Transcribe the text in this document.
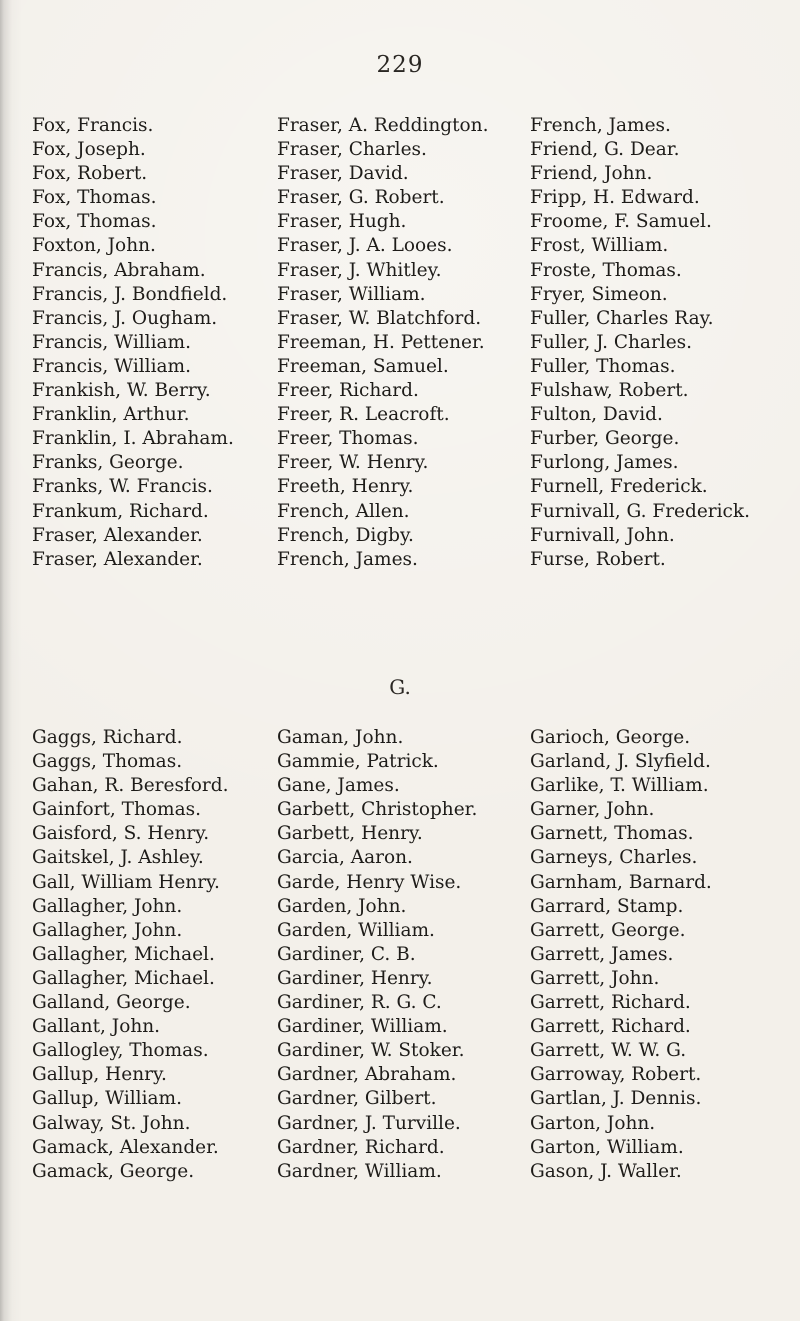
229
Fox, Francis.
Fox, Joseph.
Fox, Robert.
Fox, Thomas.
Fox, Thomas.
Foxton, John.
Francis, Abraham.
Francis, J. Bondfield.
Francis, J. Ougham.
Francis, William.
Francis, William.
Frankish, W. Berry.
Franklin, Arthur.
Franklin, I. Abraham.
Franks, George.
Franks, W. Francis.
Frankum, Richard.
Fraser, Alexander.
Fraser, Alexander.
Fraser, A. Reddington.
Fraser, Charles.
Fraser, David.
Fraser, G. Robert.
Fraser, Hugh.
Fraser, J. A. Looes.
Fraser, J. Whitley.
Fraser, William.
Fraser, W. Blatchford.
Freeman, H. Pettener.
Freeman, Samuel.
Freer, Richard.
Freer, R. Leacroft.
Freer, Thomas.
Freer, W. Henry.
Freeth, Henry.
French, Allen.
French, Digby.
French, James.
French, James.
Friend, G. Dear.
Friend, John.
Fripp, H. Edward.
Froome, F. Samuel.
Frost, William.
Froste, Thomas.
Fryer, Simeon.
Fuller, Charles Ray.
Fuller, J. Charles.
Fuller, Thomas.
Fulshaw, Robert.
Fulton, David.
Furber, George.
Furlong, James.
Furnell, Frederick.
Furnivall, G. Frederick.
Furnivall, John.
Furse, Robert.
G.
Gaggs, Richard.
Gaggs, Thomas.
Gahan, R. Beresford.
Gainfort, Thomas.
Gaisford, S. Henry.
Gaitskel, J. Ashley.
Gall, William Henry.
Gallagher, John.
Gallagher, John.
Gallagher, Michael.
Gallagher, Michael.
Galland, George.
Gallant, John.
Gallogley, Thomas.
Gallup, Henry.
Gallup, William.
Galway, St. John.
Gamack, Alexander.
Gamack, George.
Gaman, John.
Gammie, Patrick.
Gane, James.
Garbett, Christopher.
Garbett, Henry.
Garcia, Aaron.
Garde, Henry Wise.
Garden, John.
Garden, William.
Gardiner, C. B.
Gardiner, Henry.
Gardiner, R. G. C.
Gardiner, William.
Gardiner, W. Stoker.
Gardner, Abraham.
Gardner, Gilbert.
Gardner, J. Turville.
Gardner, Richard.
Gardner, William.
Garioch, George.
Garland, J. Slyfield.
Garlike, T. William.
Garner, John.
Garnett, Thomas.
Garneys, Charles.
Garnham, Barnard.
Garrard, Stamp.
Garrett, George.
Garrett, James.
Garrett, John.
Garrett, Richard.
Garrett, Richard.
Garrett, W. W. G.
Garroway, Robert.
Gartlan, J. Dennis.
Garton, John.
Garton, William.
Gason, J. Waller.
